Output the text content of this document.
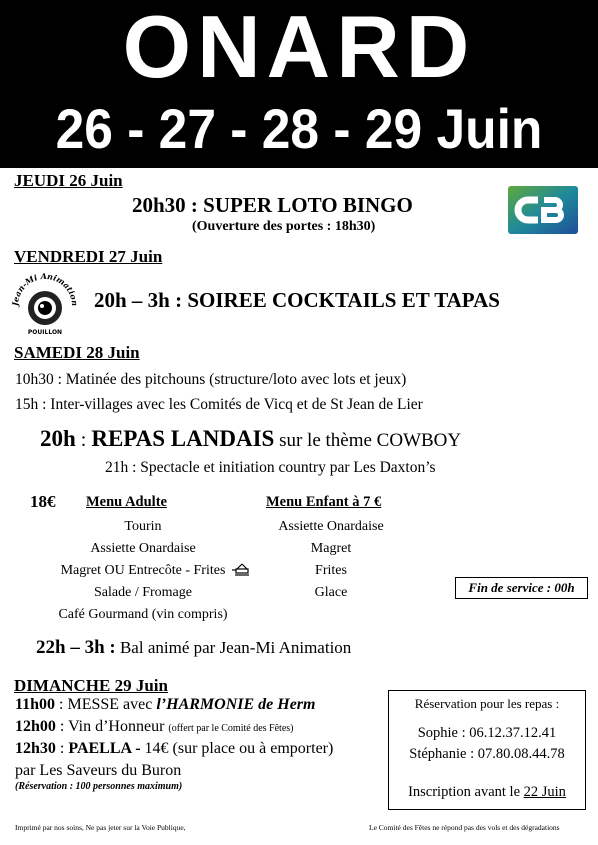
ONARD
26 - 27 - 28 - 29 Juin
JEUDI 26 Juin
20h30 : SUPER LOTO BINGO
(Ouverture des portes : 18h30)
VENDREDI 27 Juin
an-Mi Animati
POUILLON
20h – 3h : SOIREE COCKTAILS ET TAPAS
SAMEDI 28 Juin
10h30 : Matinée des pitchouns (structure/loto avec lots et jeux)
15h : Inter-villages avec les Comités de Vicq et de St Jean de Lier
20h : REPAS LANDAIS sur le thème COWBOY
21h : Spectacle et initiation country par Les Daxton’s
18€ Menu Adulte
Tourin
Assiette Onardaise
Magret OU Entrecôte - Frites
Salade / Fromage
Café Gourmand (vin compris)
Menu Enfant à 7 €
Assiette Onardaise
Magret
Frites
Glace	Fin de service : 00h
22h – 3h : Bal animé par Jean-Mi Animation
DIMANCHE 29 Juin
11h00 : MESSE avec l’HARMONIE de Herm
12h00 : Vin d’Honneur (offert par le Comité des Fêtes)
12h30 : PAELLA - 14€ (sur place ou à emporter)
par Les Saveurs du Buron
(Réservation : 100 personnes maximum)
Réservation pour les repas :
Sophie : 06.12.37.12.41
Stéphanie : 07.80.08.44.78
Inscription avant le 22 Juin
Imprimé par nos soins, Ne pas jeter sur la Voie Publique,	Le Comité des Fêtes ne répond pas des vols et des dégradations
